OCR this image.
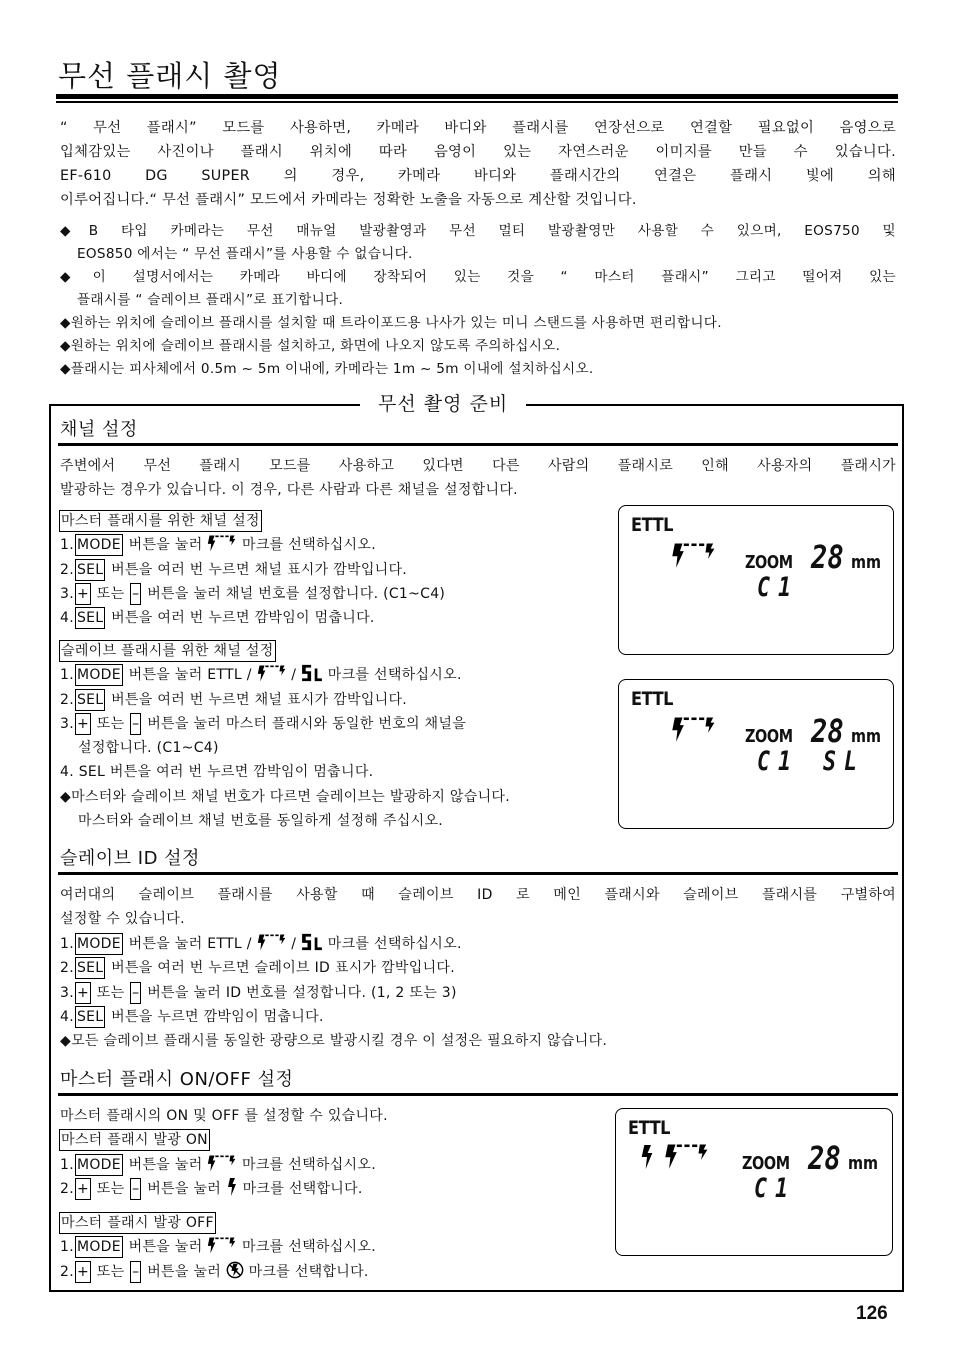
무선 플래시 촬영
“ 무선 플래시” 모드를 사용하면, 카메라 바디와 플래시를 연장선으로 연결할 필요없이 음영으로
입체감있는 사진이나 플래시 위치에 따라 음영이 있는 자연스러운 이미지를 만들 수 있습니다.
EF-610 DG SUPER 의 경우, 카메라 바디와 플래시간의 연결은 플래시 빛에 의해
이루어집니다.“ 무선 플래시” 모드에서 카메라는 정확한 노출을 자동으로 계산할 것입니다.
◆B 타입 카메라는 무선 매뉴얼 발광촬영과 무선 멀티 발광촬영만 사용할 수 있으며, EOS750 및
EOS850 에서는 “ 무선 플래시”를 사용할 수 없습니다.
◆이 설명서에서는 카메라 바디에 장착되어 있는 것을 “ 마스터 플래시” 그리고 떨어져 있는
플래시를 “ 슬레이브 플래시”로 표기합니다.
◆원하는 위치에 슬레이브 플래시를 설치할 때 트라이포드용 나사가 있는 미니 스탠드를 사용하면 편리합니다.
◆원하는 위치에 슬레이브 플래시를 설치하고, 화면에 나오지 않도록 주의하십시오.
◆플래시는 피사체에서 0.5m ~ 5m 이내에, 카메라는 1m ~ 5m 이내에 설치하십시오.
무선 촬영 준비
채널 설정
주변에서 무선 플래시 모드를 사용하고 있다면 다른 사람의 플래시로 인해 사용자의 플래시가
발광하는 경우가 있습니다. 이 경우, 다른 사람과 다른 채널을 설정합니다.
마스터 플래시를 위한 채널 설정
1. MODE 버튼을 눌러
마크를 선택하십시오.
2. SEL 버튼을 여러 번 누르면 채널 표시가 깜박입니다.
3. + 또는 – 버튼을 눌러 채널 번호를 설정합니다. (C1~C4)
4. SEL 버튼을 여러 번 누르면 깜박임이 멈춥니다.
ETTL
ZOOM 28 mm
C1
슬레이브 플래시를 위한 채널 설정
1. MODE 버튼을 눌러 ETTL /
/
마크를 선택하십시오.
2. SEL 버튼을 여러 번 누르면 채널 표시가 깜박입니다.
3. + 또는 – 버튼을 눌러 마스터 플래시와 동일한 번호의 채널을
설정합니다. (C1~C4)
4. SEL 버튼을 여러 번 누르면 깜박임이 멈춥니다.
◆마스터와 슬레이브 채널 번호가 다르면 슬레이브는 발광하지 않습니다.
마스터와 슬레이브 채널 번호를 동일하게 설정해 주십시오.
ETTL
ZOOM 28 mm
C1 SL
슬레이브 ID 설정
여러대의 슬레이브 플래시를 사용할 때 슬레이브 ID 로 메인 플래시와 슬레이브 플래시를 구별하여
설정할 수 있습니다.
1. MODE 버튼을 눌러 ETTL /
/
마크를 선택하십시오.
2. SEL 버튼을 여러 번 누르면 슬레이브 ID 표시가 깜박입니다.
3. + 또는 – 버튼을 눌러 ID 번호를 설정합니다. (1, 2 또는 3)
4. SEL 버튼을 누르면 깜박임이 멈춥니다.
◆모든 슬레이브 플래시를 동일한 광량으로 발광시킬 경우 이 설정은 필요하지 않습니다.
마스터 플래시 ON/OFF 설정
마스터 플래시의 ON 및 OFF 를 설정할 수 있습니다.
마스터 플래시 발광 ON
1. MODE 버튼을 눌러
마크를 선택하십시오.
2. + 또는 – 버튼을 눌러
마크를 선택합니다.
마스터 플래시 발광 OFF
1. MODE 버튼을 눌러
마크를 선택하십시오.
2. + 또는 – 버튼을 눌러
마크를 선택합니다.
ETTL
ZOOM 28 mm
C1
126
